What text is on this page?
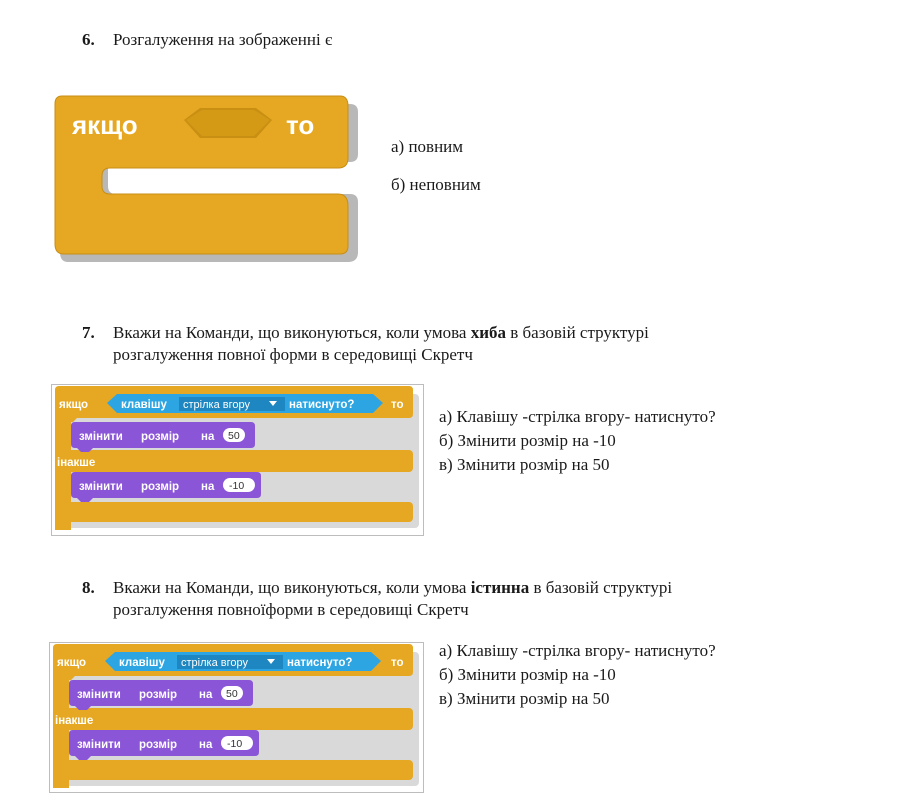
6. Розгалуження на зображенні є
якщо	то
а) повним
б) неповним
7. Вкажи на Команди, що виконуються, коли умова хиба в базовій структурі
розгалуження повної форми в середовищі Скретч
якщо	клавішу стрілка вгору	натиснуто?	то
змінити розмір на 50
інакше
змінити розмір на -10
а) Клавішу -стрілка вгору- натиснуто?
б) Змінити розмір на -10
в) Змінити розмір на 50
8. Вкажи на Команди, що виконуються, коли умова істинна в базовій структурі
розгалуження повноїформи в середовищі Скретч
якщо	клавішу стрілка вгору	натиснуто?	то
змінити розмір на 50
інакше
змінити розмір на -10
а) Клавішу -стрілка вгору- натиснуто?
б) Змінити розмір на -10
в) Змінити розмір на 50
